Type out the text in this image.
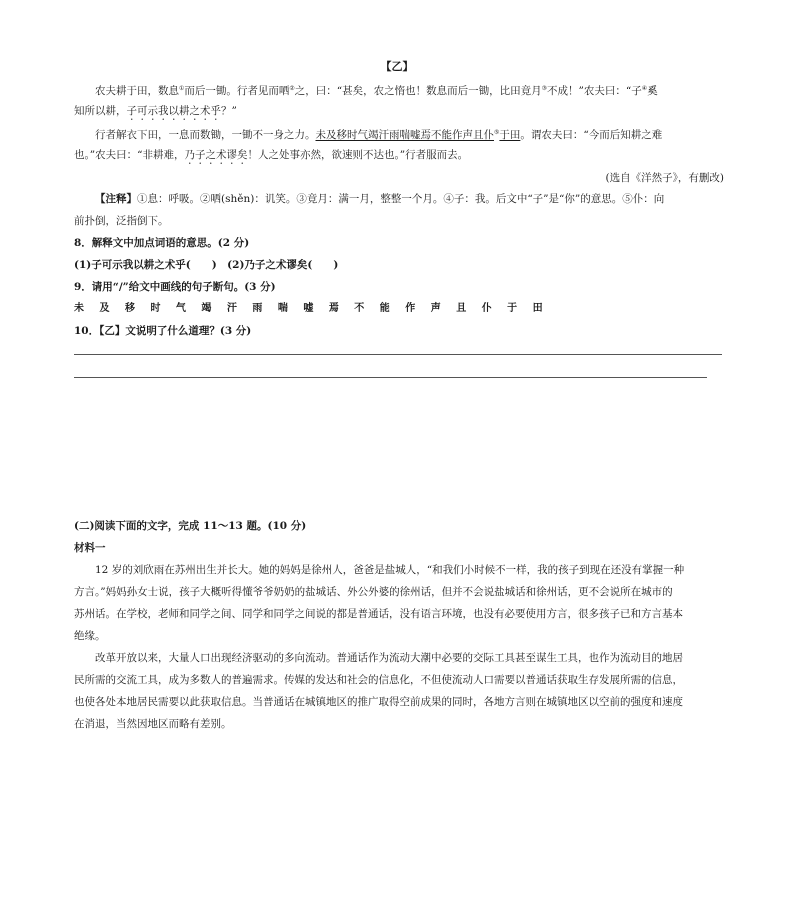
【乙】
农夫耕于田，数息①而后一锄。行者见而哂②之，曰：“甚矣，农之惰也！数息而后一锄，比田竟月③不成！”农夫曰：“子④奚
知所以耕，子可示我以耕之术乎？”
行者解衣下田，一息而数锄，一锄不一身之力。未及移时气竭汗雨喘嘘焉不能作声且仆⑤于田。谓农夫曰：“今而后知耕之难
也。”农夫曰：“非耕难，乃子之术谬矣！人之处事亦然，欲速则不达也。”行者服而去。
(选自《洋然子》，有删改)
【注释】①息：呼吸。②哂(shěn)：讥笑。③竟月：满一月，整整一个月。④子：我。后文中“子”是“你”的意思。⑤仆：向
前扑倒，泛指倒下。
8．解释文中加点词语的意思。(2 分)
(1)子可示我以耕之术乎(　　)　(2)乃子之术谬矣(　　)
9．请用“/”给文中画线的句子断句。(3 分)
未 及 移 时 气 竭 汗 雨 喘 嘘 焉 不 能 作 声 且 仆 于 田
10．【乙】文说明了什么道理？(3 分)
(二)阅读下面的文字，完成 11～13 题。(10 分)
材料一
12 岁的刘欣雨在苏州出生并长大。她的妈妈是徐州人，爸爸是盐城人，“和我们小时候不一样，我的孩子到现在还没有掌握一种
方言。”妈妈孙女士说，孩子大概听得懂爷爷奶奶的盐城话、外公外婆的徐州话，但并不会说盐城话和徐州话，更不会说所在城市的
苏州话。在学校，老师和同学之间、同学和同学之间说的都是普通话，没有语言环境，也没有必要使用方言，很多孩子已和方言基本
绝缘。
改革开放以来，大量人口出现经济驱动的多向流动。普通话作为流动大潮中必要的交际工具甚至谋生工具，也作为流动目的地居
民所需的交流工具，成为多数人的普遍需求。传媒的发达和社会的信息化，不但使流动人口需要以普通话获取生存发展所需的信息，
也使各处本地居民需要以此获取信息。当普通话在城镇地区的推广取得空前成果的同时，各地方言则在城镇地区以空前的强度和速度
在消退，当然因地区而略有差别。
